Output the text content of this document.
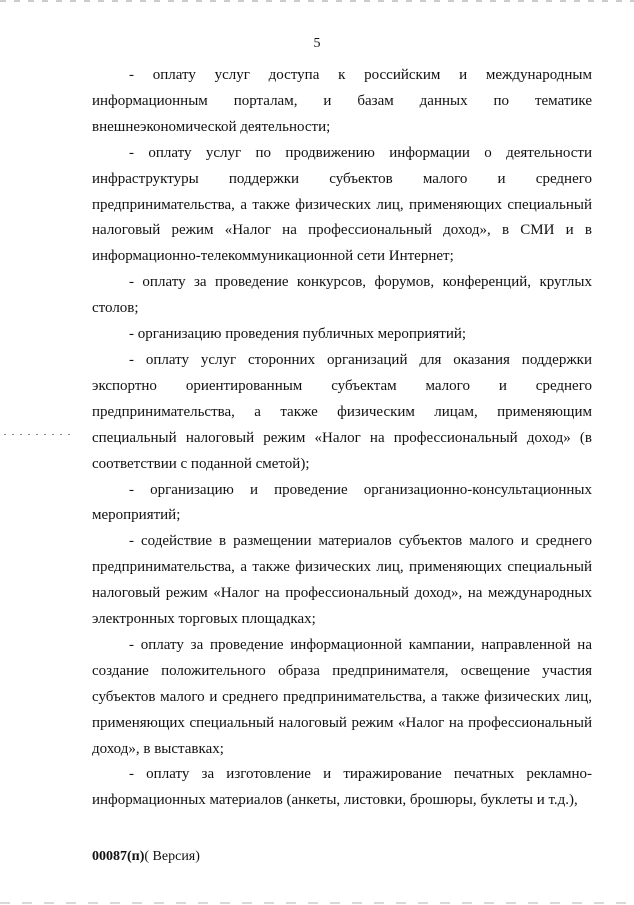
5

- оплату услуг доступа к российским и международным информационным порталам, и базам данных по тематике внешнеэкономической деятельности;

- оплату услуг по продвижению информации о деятельности инфраструктуры поддержки субъектов малого и среднего предпринимательства, а также физических лиц, применяющих специальный налоговый режим «Налог на профессиональный доход», в СМИ и в информационно-телекоммуникационной сети Интернет;

- оплату за проведение конкурсов, форумов, конференций, круглых столов;

- организацию проведения публичных мероприятий;

- оплату услуг сторонних организаций для оказания поддержки экспортно ориентированным субъектам малого и среднего предпринимательства, а также физическим лицам, применяющим специальный налоговый режим «Налог на профессиональный доход» (в соответствии с поданной сметой);

- организацию и проведение организационно-консультационных мероприятий;

- содействие в размещении материалов субъектов малого и среднего предпринимательства, а также физических лиц, применяющих специальный налоговый режим «Налог на профессиональный доход», на международных электронных торговых площадках;

- оплату за проведение информационной кампании, направленной на создание положительного образа предпринимателя, освещение участия субъектов малого и среднего предпринимательства, а также физических лиц, применяющих специальный налоговый режим «Налог на профессиональный доход», в выставках;

- оплату за изготовление и тиражирование печатных рекламно-информационных материалов (анкеты, листовки, брошюры, буклеты и т.д.),

00087(п)( Версия)
